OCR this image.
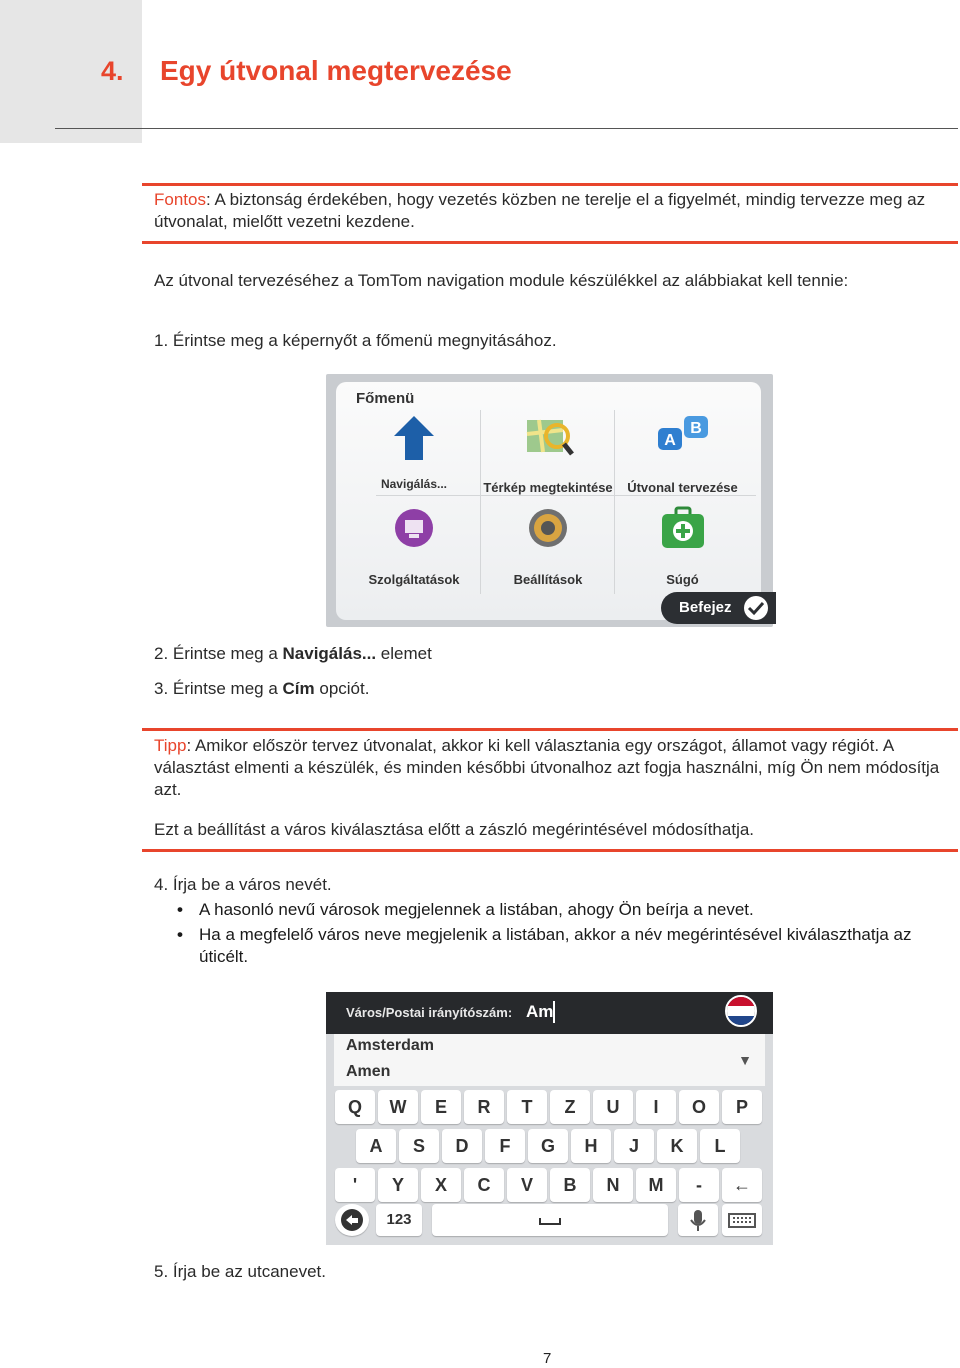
4. Egy útvonal megtervezése
Fontos: A biztonság érdekében, hogy vezetés közben ne terelje el a figyelmét, mindig tervezze meg az útvonalat, mielőtt vezetni kezdene.
Az útvonal tervezéséhez a TomTom navigation module készülékkel az alábbiakat kell tennie:
1. Érintse meg a képernyőt a főmenü megnyitásához.
Főmenü
Navigálás...	Térkép megtekintése
A
B
Útvonal tervezése
Szolgáltatások	Beállítások	Súgó
Befejez
2. Érintse meg a Navigálás... elemet
3. Érintse meg a Cím opciót.
Tipp: Amikor először tervez útvonalat, akkor ki kell választania egy országot, államot vagy régiót. A választást elmenti a készülék, és minden későbbi útvonalhoz azt fogja használni, míg Ön nem módosítja azt.
Ezt a beállítást a város kiválasztása előtt a zászló megérintésével módosíthatja.
4. Írja be a város nevét.
• A hasonló nevű városok megjelennek a listában, ahogy Ön beírja a nevet.
• Ha a megfelelő város neve megjelenik a listában, akkor a név megérintésével kiválaszthatja az úticélt.
Város/Postai irányítószám: Am
Amsterdam
Amen
▼
Q	W	E	R	T	Z	U	I	O	P
A	S	D	F	G	H	J	K	L
'	Y	X	C	V	B	N	M	-	←
123
5. Írja be az utcanevet.
7
